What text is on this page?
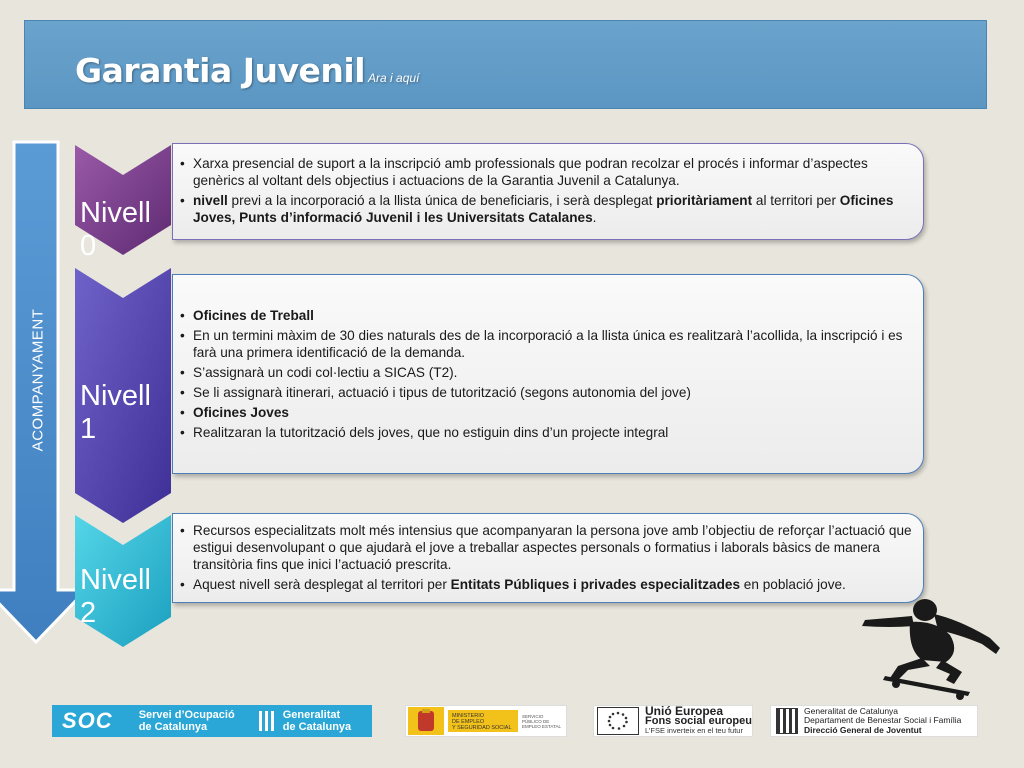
Garantia Juvenil Ara i aquí
ACOMPANYAMENT
Nivell 0
Nivell 1
Nivell 2
• Xarxa presencial de suport a la inscripció amb professionals que podran recolzar el procés i informar d’aspectes genèrics al voltant dels objectius i actuacions de la Garantia Juvenil a Catalunya.
• nivell previ a la incorporació a la llista única de beneficiaris, i serà desplegat prioritàriament al territori per Oficines Joves, Punts d’informació Juvenil i les Universitats Catalanes.
• Oficines de Treball
• En un termini màxim de 30 dies naturals des de la incorporació a la llista única es realitzarà l’acollida, la inscripció i es farà una primera identificació de la demanda.
• S’assignarà un codi col·lectiu a SICAS (T2).
• Se li assignarà itinerari, actuació i tipus de tutorització (segons autonomia del jove)
• Oficines Joves
• Realitzaran la tutorització dels joves, que no estiguin dins d’un projecte integral
• Recursos especialitzats molt més intensius que acompanyaran la persona jove amb l’objectiu de reforçar l’actuació que estigui desenvolupant o que ajudarà el jove a treballar aspectes personals o formatius i laborals bàsics de manera transitòria fins que inici l’actuació prescrita.
• Aquest nivell serà desplegat al territori per Entitats Públiques i privades especialitzades en població jove.
SOC	Servei d’Ocupació
de Catalunya
Generalitat
de Catalunya
MINISTERIO
DE EMPLEO
Y SEGURIDAD SOCIAL
SERVICIO PÚBLICO DE EMPLEO ESTATAL
Unió Europea
Fons social europeu
L’FSE inverteix en el teu futur
Generalitat de Catalunya
Departament de Benestar Social i Família
Direcció General de Joventut
